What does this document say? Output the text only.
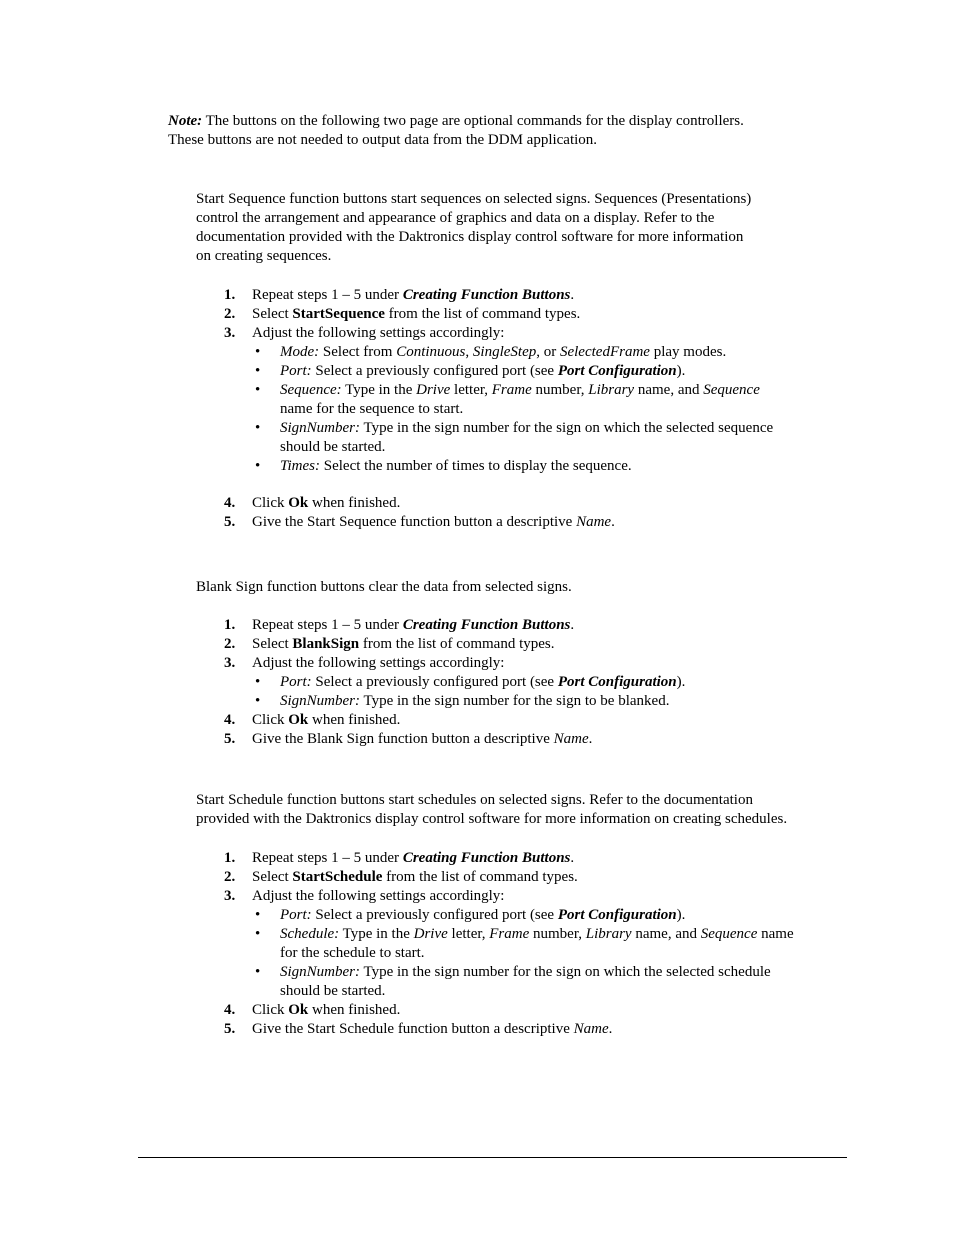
Note: The buttons on the following two page are optional commands for the display controllers.
These buttons are not needed to output data from the DDM application.
Start Sequence function buttons start sequences on selected signs. Sequences (Presentations)
control the arrangement and appearance of graphics and data on a display. Refer to the
documentation provided with the Daktronics display control software for more information
on creating sequences.
1. Repeat steps 1 – 5 under Creating Function Buttons.
2. Select StartSequence from the list of command types.
3. Adjust the following settings accordingly:
• Mode: Select from Continuous, SingleStep, or SelectedFrame play modes.
• Port: Select a previously configured port (see Port Configuration).
• Sequence: Type in the Drive letter, Frame number, Library name, and Sequence
name for the sequence to start.
• SignNumber: Type in the sign number for the sign on which the selected sequence
should be started.
• Times: Select the number of times to display the sequence.
4. Click Ok when finished.
5. Give the Start Sequence function button a descriptive Name.
Blank Sign function buttons clear the data from selected signs.
1. Repeat steps 1 – 5 under Creating Function Buttons.
2. Select BlankSign from the list of command types.
3. Adjust the following settings accordingly:
• Port: Select a previously configured port (see Port Configuration).
• SignNumber: Type in the sign number for the sign to be blanked.
4. Click Ok when finished.
5. Give the Blank Sign function button a descriptive Name.
Start Schedule function buttons start schedules on selected signs. Refer to the documentation
provided with the Daktronics display control software for more information on creating schedules.
1. Repeat steps 1 – 5 under Creating Function Buttons.
2. Select StartSchedule from the list of command types.
3. Adjust the following settings accordingly:
• Port: Select a previously configured port (see Port Configuration).
• Schedule: Type in the Drive letter, Frame number, Library name, and Sequence name
for the schedule to start.
• SignNumber: Type in the sign number for the sign on which the selected schedule
should be started.
4. Click Ok when finished.
5. Give the Start Schedule function button a descriptive Name.
